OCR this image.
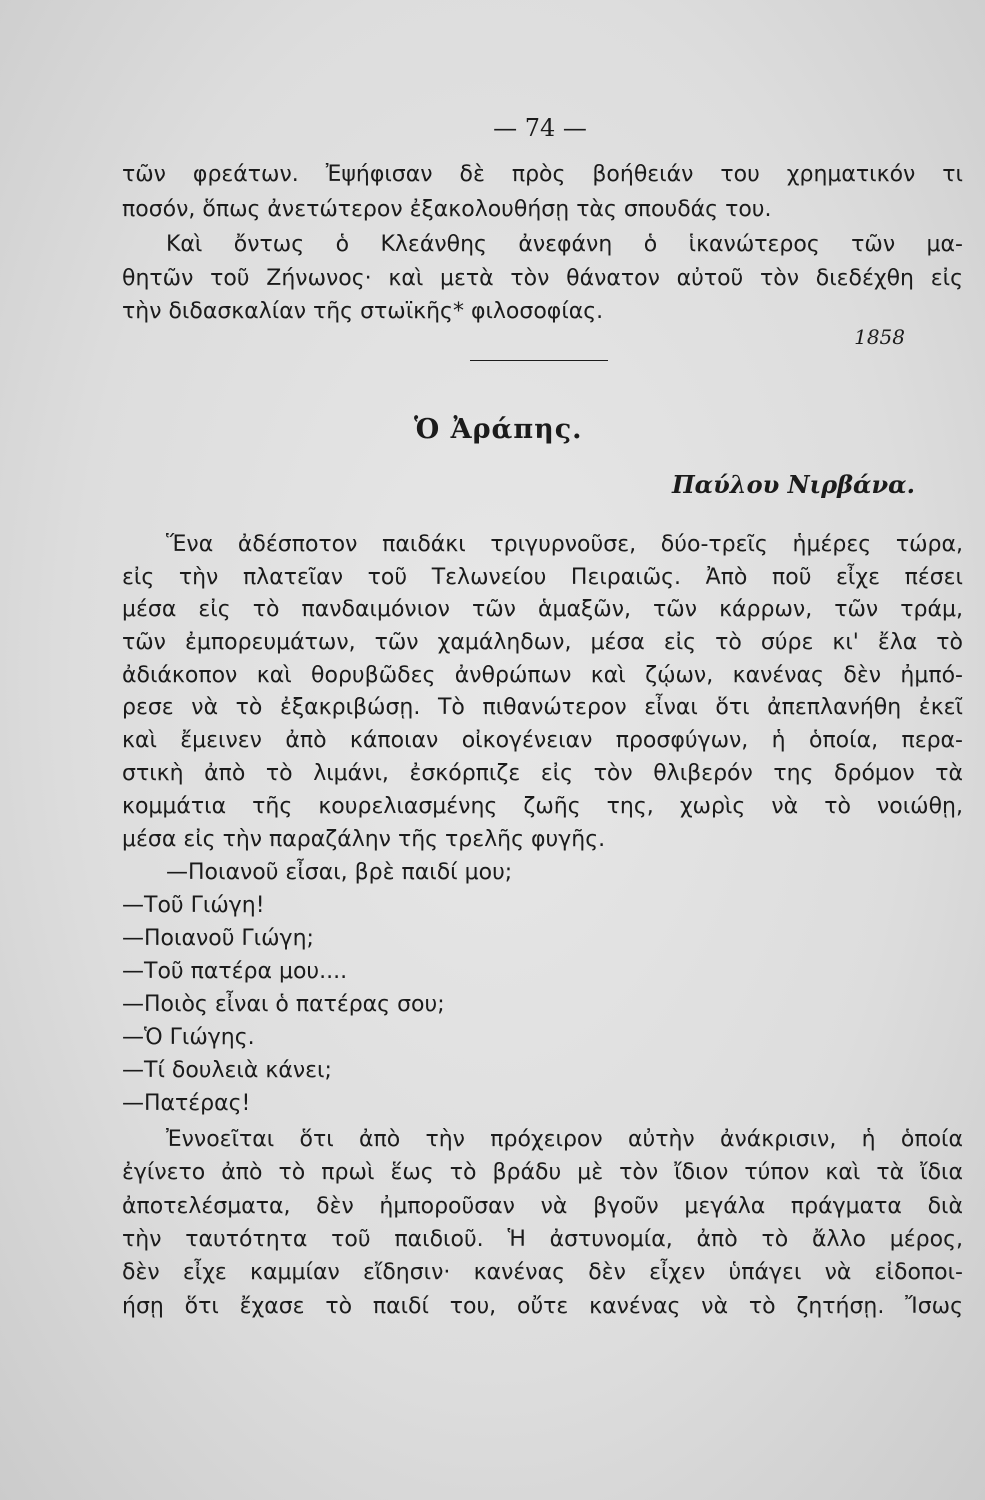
— 74 —
τῶν φρεάτων. Ἐψήφισαν δὲ πρὸς βοήθειάν του χρηματικόν τι
ποσόν, ὅπως ἀνετώτερον ἐξακολουθήσῃ τὰς σπουδάς του.
Καὶ ὄντως ὁ Κλεάνθης ἀνεφάνη ὁ ἱκανώτερος τῶν μα-
θητῶν τοῦ Ζήνωνος· καὶ μετὰ τὸν θάνατον αὐτοῦ τὸν διεδέχθη εἰς
τὴν διδασκαλίαν τῆς στωϊκῆς* φιλοσοφίας.
1858
Ὁ Ἀράπης.
Παύλου Νιρβάνα.
Ἕνα ἀδέσποτον παιδάκι τριγυρνοῦσε, δύο-τρεῖς ἡμέρες τώρα,
εἰς τὴν πλατεῖαν τοῦ Τελωνείου Πειραιῶς. Ἀπὸ ποῦ εἶχε πέσει
μέσα εἰς τὸ πανδαιμόνιον τῶν ἁμαξῶν, τῶν κάρρων, τῶν τράμ,
τῶν ἐμπορευμάτων, τῶν χαμάληδων, μέσα εἰς τὸ σύρε κι' ἔλα τὸ
ἀδιάκοπον καὶ θορυβῶδες ἀνθρώπων καὶ ζῴων, κανένας δὲν ἠμπό-
ρεσε νὰ τὸ ἐξακριβώσῃ. Τὸ πιθανώτερον εἶναι ὅτι ἀπεπλανήθη ἐκεῖ
καὶ ἔμεινεν ἀπὸ κάποιαν οἰκογένειαν προσφύγων, ἡ ὁποία, περα-
στικὴ ἀπὸ τὸ λιμάνι, ἐσκόρπιζε εἰς τὸν θλιβερόν της δρόμον τὰ
κομμάτια τῆς κουρελιασμένης ζωῆς της, χωρὶς νὰ τὸ νοιώθῃ,
μέσα εἰς τὴν παραζάλην τῆς τρελῆς φυγῆς.
—Ποιανοῦ εἶσαι, βρὲ παιδί μου;
—Τοῦ Γιώγη!
—Ποιανοῦ Γιώγη;
—Τοῦ πατέρα μου....
—Ποιὸς εἶναι ὁ πατέρας σου;
—Ὁ Γιώγης.
—Τί δουλειὰ κάνει;
—Πατέρας!
Ἐννοεῖται ὅτι ἀπὸ τὴν πρόχειρον αὐτὴν ἀνάκρισιν, ἡ ὁποία
ἐγίνετο ἀπὸ τὸ πρωὶ ἕως τὸ βράδυ μὲ τὸν ἴδιον τύπον καὶ τὰ ἴδια
ἀποτελέσματα, δὲν ἠμποροῦσαν νὰ βγοῦν μεγάλα πράγματα διὰ
τὴν ταυτότητα τοῦ παιδιοῦ. Ἡ ἀστυνομία, ἀπὸ τὸ ἄλλο μέρος,
δὲν εἶχε καμμίαν εἴδησιν· κανένας δὲν εἶχεν ὑπάγει νὰ εἰδοποι-
ήσῃ ὅτι ἔχασε τὸ παιδί του, οὔτε κανένας νὰ τὸ ζητήσῃ. Ἴσως
